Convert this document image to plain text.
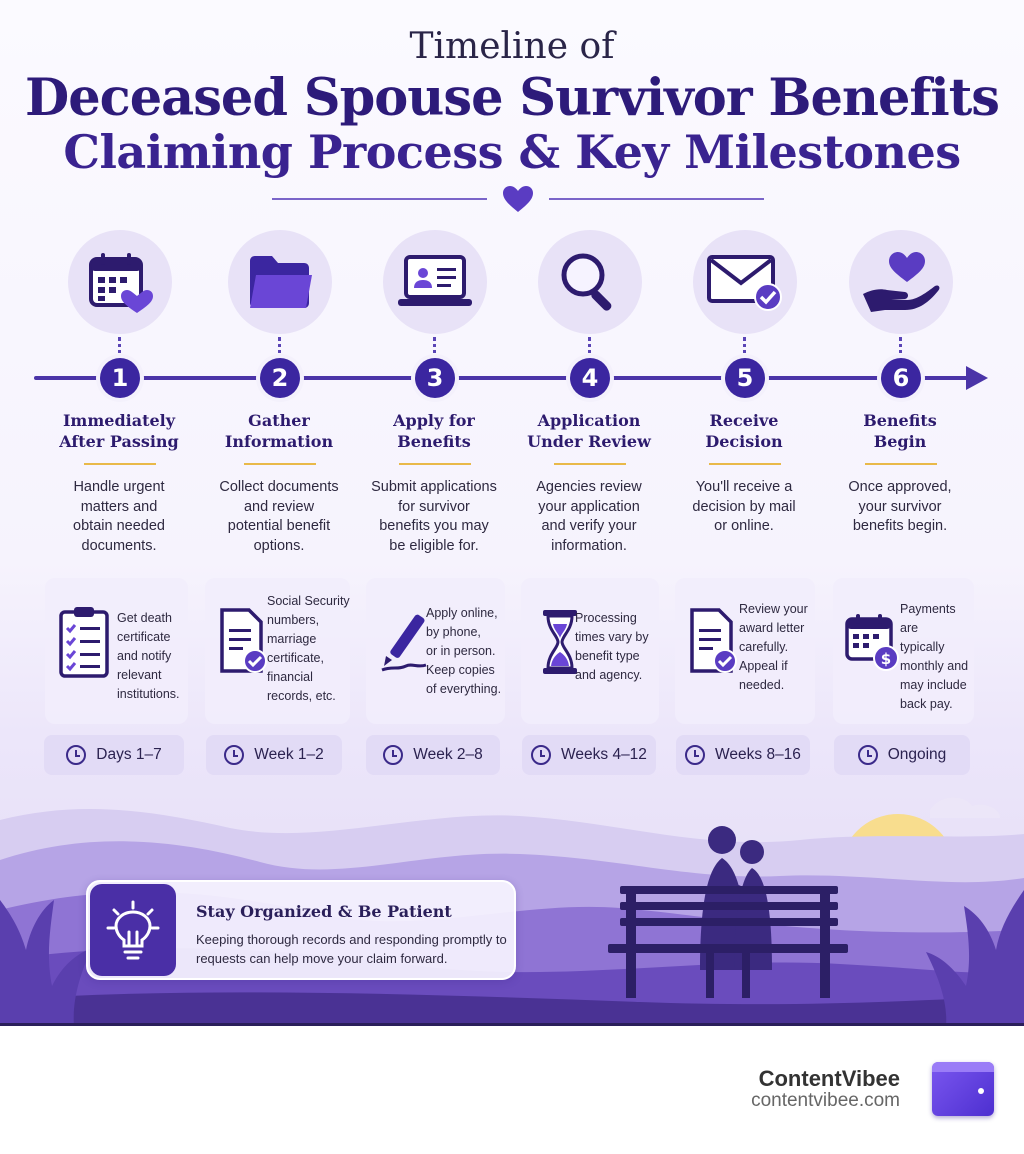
Timeline of
Deceased Spouse Survivor Benefits
Claiming Process & Key Milestones
1
Immediately
After Passing
Handle urgent
matters and
obtain needed
documents.
2
Gather
Information
Collect documents
and review
potential benefit
options.
3
Apply for
Benefits
Submit applications
for survivor
benefits you may
be eligible for.
4
Application
Under Review
Agencies review
your application
and verify your
information.
5
Receive
Decision
You'll receive a
decision by mail
or online.
6
Benefits
Begin
Once approved,
your survivor
benefits begin.
Get death
certificate
and notify
relevant
institutions.
Social Security
numbers,
marriage
certificate,
financial
records, etc.
Apply online,
by phone,
or in person.
Keep copies
of everything.
Processing
times vary by
benefit type
and agency.
Review your
award letter
carefully.
Appeal if
needed.
$
Payments are
typically
monthly and
may include
back pay.
Days 1–7	Week 1–2	Week 2–8	Weeks 4–12	Weeks 8–16	Ongoing
Stay Organized & Be Patient
Keeping thorough records and responding promptly to requests can help move your claim forward.
ContentVibee
contentvibee.com
